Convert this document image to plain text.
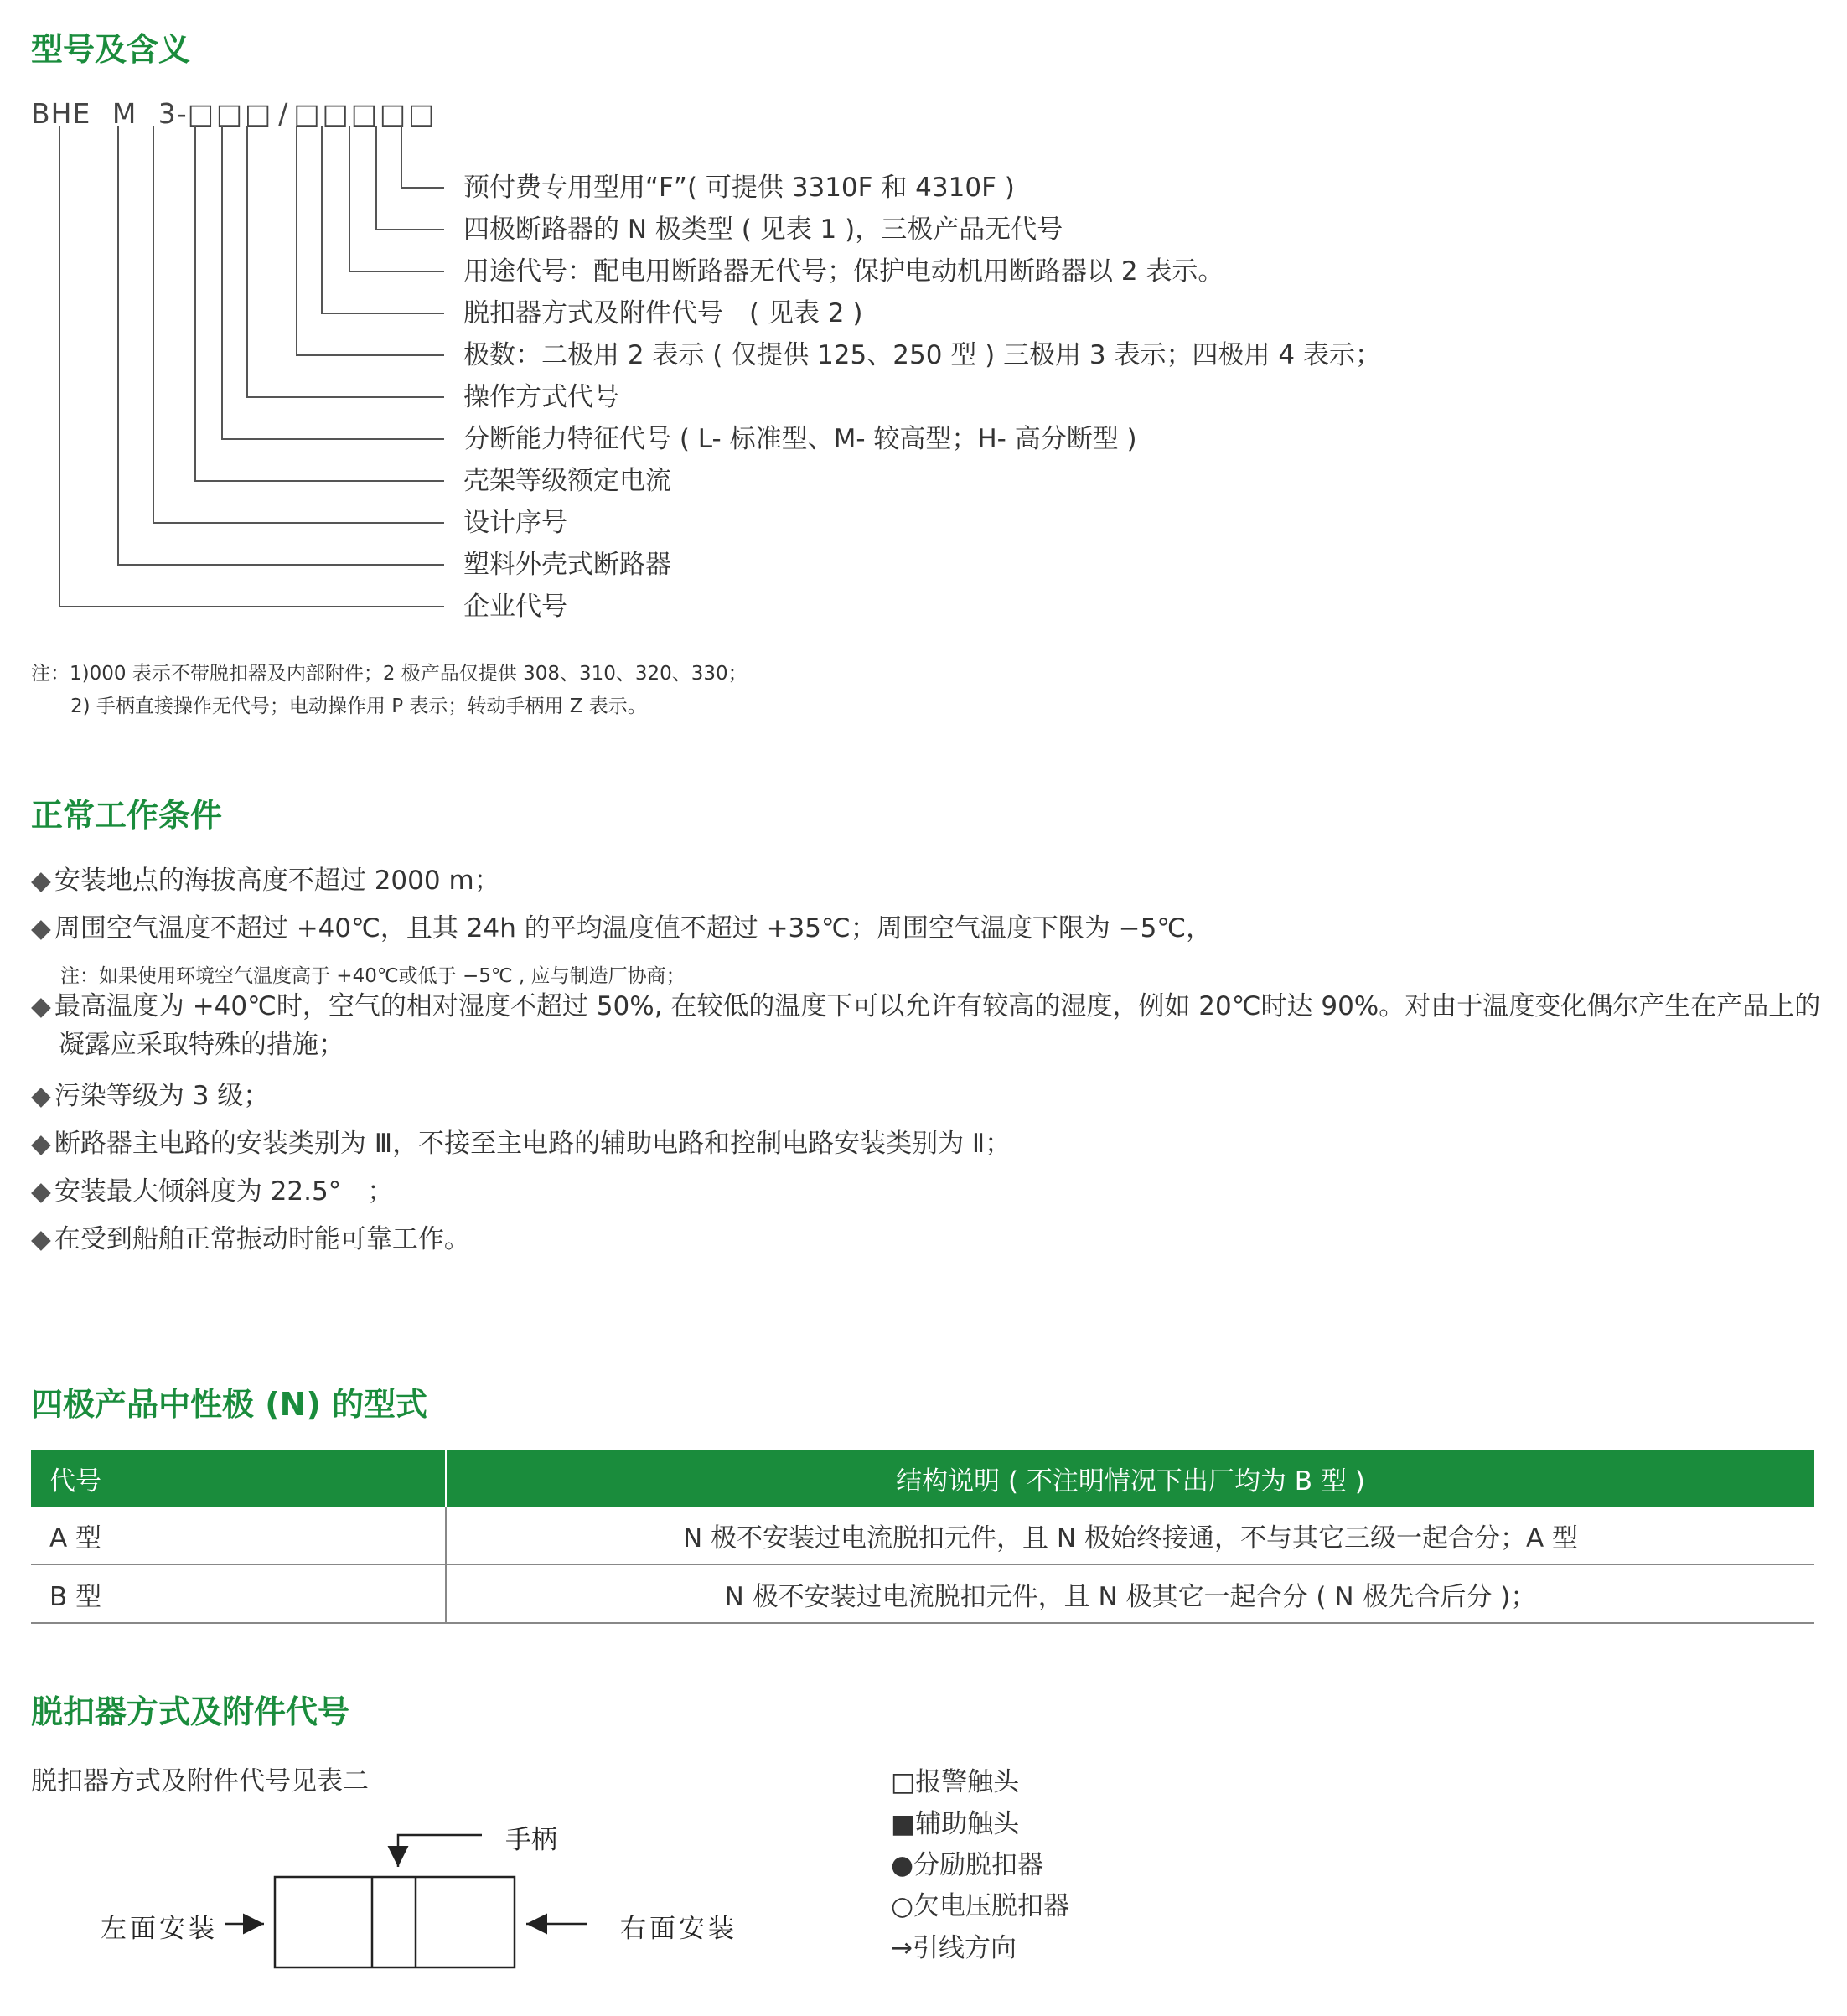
型号及含义
BHE M 3-□□□ / □□□□□
预付费专用型用“F”( 可提供 3310F 和 4310F )
四极断路器的 N 极类型 ( 见表 1 )，三极产品无代号
用途代号：配电用断路器无代号；保护电动机用断路器以 2 表示。
脱扣器方式及附件代号　( 见表 2 )
极数：二极用 2 表示 ( 仅提供 125、250 型 ) 三极用 3 表示；四极用 4 表示；
操作方式代号
分断能力特征代号 ( L- 标准型、M- 较高型；H- 高分断型 )
壳架等级额定电流
设计序号
塑料外壳式断路器
企业代号
注：1)000 表示不带脱扣器及内部附件；2 极产品仅提供 308、310、320、330；
2) 手柄直接操作无代号；电动操作用 P 表示；转动手柄用 Z 表示。
正常工作条件
◆ 安装地点的海拔高度不超过 2000 m；
◆ 周围空气温度不超过 +40℃，且其 24h 的平均温度值不超过 +35℃；周围空气温度下限为 −5℃，
注：如果使用环境空气温度高于 +40℃或低于 −5℃ , 应与制造厂协商；
◆ 最高温度为 +40℃时，空气的相对湿度不超过 50%, 在较低的温度下可以允许有较高的湿度，例如 20℃时达 90%。对由于温度变化偶尔产生在产品上的
凝露应采取特殊的措施；
◆ 污染等级为 3 级；
◆ 断路器主电路的安装类别为 Ⅲ，不接至主电路的辅助电路和控制电路安装类别为 Ⅱ；
◆ 安装最大倾斜度为 22.5°　；
◆ 在受到船舶正常振动时能可靠工作。
四极产品中性极 (N) 的型式
代号	结构说明 ( 不注明情况下出厂均为 B 型 )
A 型	N 极不安装过电流脱扣元件，且 N 极始终接通，不与其它三级一起合分；A 型
B 型	N 极不安装过电流脱扣元件，且 N 极其它一起合分 ( N 极先合后分 )；
脱扣器方式及附件代号
脱扣器方式及附件代号见表二
手柄
左面安装	右面安装
□报警触头
■辅助触头
●分励脱扣器
○欠电压脱扣器
→引线方向
